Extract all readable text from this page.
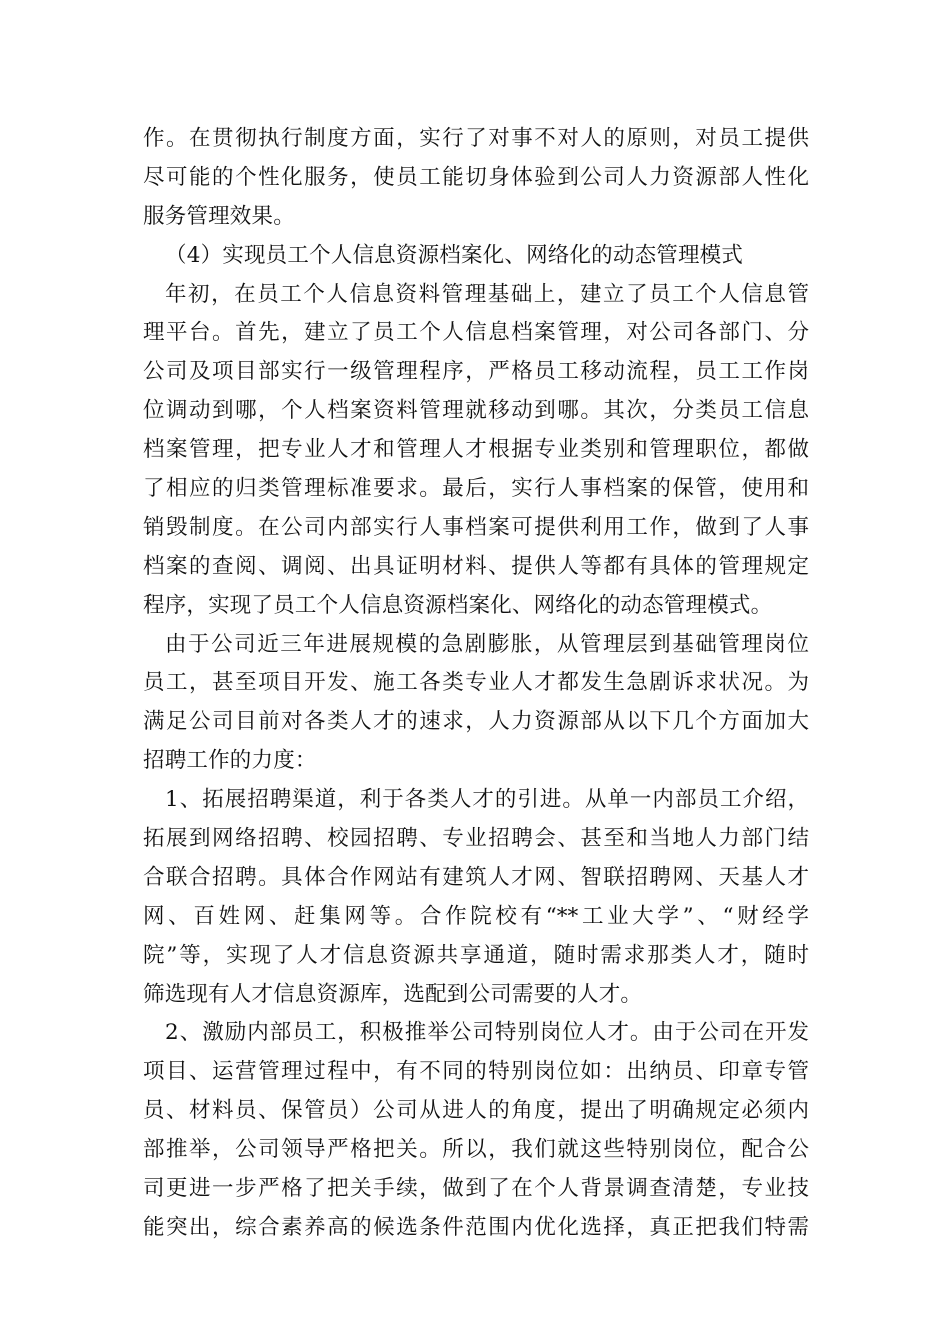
作。在贯彻执行制度方面，实行了对事不对人的原则，对员工提供
尽可能的个性化服务，使员工能切身体验到公司人力资源部人性化
服务管理效果。
（4）实现员工个人信息资源档案化、网络化的动态管理模式
年初，在员工个人信息资料管理基础上，建立了员工个人信息管
理平台。首先，建立了员工个人信息档案管理，对公司各部门、分
公司及项目部实行一级管理程序，严格员工移动流程，员工工作岗
位调动到哪，个人档案资料管理就移动到哪。其次，分类员工信息
档案管理，把专业人才和管理人才根据专业类别和管理职位，都做
了相应的归类管理标准要求。最后，实行人事档案的保管，使用和
销毁制度。在公司内部实行人事档案可提供利用工作，做到了人事
档案的查阅、调阅、出具证明材料、提供人等都有具体的管理规定
程序，实现了员工个人信息资源档案化、网络化的动态管理模式。
由于公司近三年进展规模的急剧膨胀，从管理层到基础管理岗位
员工，甚至项目开发、施工各类专业人才都发生急剧诉求状况。为
满足公司目前对各类人才的速求，人力资源部从以下几个方面加大
招聘工作的力度：
1、拓展招聘渠道，利于各类人才的引进。从单一内部员工介绍，
拓展到网络招聘、校园招聘、专业招聘会、甚至和当地人力部门结
合联合招聘。具体合作网站有建筑人才网、智联招聘网、天基人才
网、百姓网、赶集网等。合作院校有“**工业大学”、“财经学
院”等，实现了人才信息资源共享通道，随时需求那类人才，随时
筛选现有人才信息资源库，选配到公司需要的人才。
2、激励内部员工，积极推举公司特别岗位人才。由于公司在开发
项目、运营管理过程中，有不同的特别岗位如：出纳员、印章专管
员、材料员、保管员）公司从进人的角度，提出了明确规定必须内
部推举，公司领导严格把关。所以，我们就这些特别岗位，配合公
司更进一步严格了把关手续，做到了在个人背景调查清楚，专业技
能突出，综合素养高的候选条件范围内优化选择，真正把我们特需
